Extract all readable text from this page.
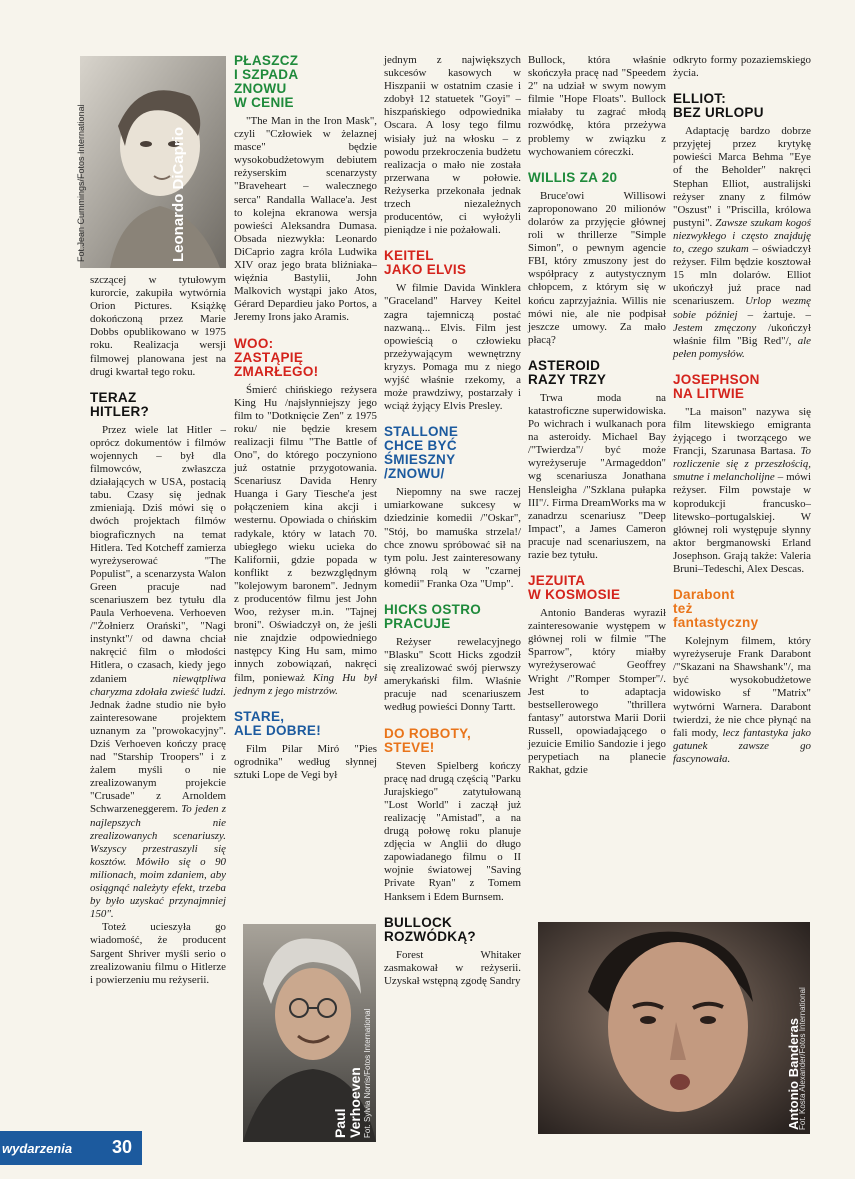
Leonardo DiCaprio
Fot.Jean Cummings/Fotos International

szczącej w tytułowym kurorcie, zakupiła wytwórnia Orion Pictures. Książkę dokończoną przez Marie Dobbs opublikowano w 1975 roku. Realizacja wersji filmowej planowana jest na drugi kwartał tego roku.

TERAZ
HITLER?

Przez wiele lat Hitler – oprócz dokumentów i filmów wojennych – był dla filmowców, zwłaszcza działających w USA, postacią tabu. Czasy się jednak zmieniają. Dziś mówi się o dwóch projektach filmów biograficznych na temat Hitlera. Ted Kotcheff zamierza wyreżyserować "The Populist", a scenarzysta Walon Green pracuje nad scenariuszem bez tytułu dla Paula Verhoevena. Verhoeven /"Żołnierz Orański", "Nagi instynkt"/ od dawna chciał nakręcić film o młodości Hitlera, o czasach, kiedy jego zdaniem niewątpliwa charyzma zdołała zwieść ludzi. Jednak żadne studio nie było zainteresowane projektem uznanym za "prowokacyjny". Dziś Verhoeven kończy pracę nad "Starship Troopers" i z żalem myśli o nie zrealizowanym projekcie "Crusade" z Arnoldem Schwarzeneggerem. To jeden z najlepszych nie zrealizowanych scenariuszy. Wszyscy przestraszyli się kosztów. Mówiło się o 90 milionach, moim zdaniem, aby osiągnąć należyty efekt, trzeba by było uzyskać przynajmniej 150".

Toteż ucieszyła go wiadomość, że producent Sargent Shriver myśli serio o zrealizowaniu filmu o Hitlerze i powierzeniu mu reżyserii.

PŁASZCZ
I SZPADA
ZNOWU
W CENIE

"The Man in the Iron Mask", czyli "Człowiek w żelaznej masce" będzie wysokobudżetowym debiutem reżyserskim scenarzysty "Braveheart – walecznego serca" Randalla Wallace'a. Jest to kolejna ekranowa wersja powieści Aleksandra Dumasa. Obsada niezwykła: Leonardo DiCaprio zagra króla Ludwika XIV oraz jego brata bliźniaka–więźnia Bastylii, John Malkovich wystąpi jako Atos, Gérard Depardieu jako Portos, a Jeremy Irons jako Aramis.

WOO:
ZASTĄPIĘ
ZMARŁEGO!

Śmierć chińskiego reżysera King Hu /najsłynniejszy jego film to "Dotknięcie Zen" z 1975 roku/ nie będzie kresem realizacji filmu "The Battle of Ono", do którego poczyniono już ostatnie przygotowania. Scenariusz Davida Henry Huanga i Gary Tiesche'a jest połączeniem kina akcji i westernu. Opowiada o chińskim radykale, który w latach 70. ubiegłego wieku ucieka do Kalifornii, gdzie popada w konflikt z bezwzględnym "kolejowym baronem". Jednym z producentów filmu jest John Woo, reżyser m.in. "Tajnej broni". Oświadczył on, że jeśli nie znajdzie odpowiedniego następcy King Hu sam, mimo innych zobowiązań, nakręci film, ponieważ King Hu był jednym z jego mistrzów.

STARE,
ALE DOBRE!

Film Pilar Miró "Pies ogrodnika" według słynnej sztuki Lope de Vegi był

Paul Verhoeven Fot. Sylvia Norris/Fotos International

jednym z największych sukcesów kasowych w Hiszpanii w ostatnim czasie i zdobył 12 statuetek "Goyi" – hiszpańskiego odpowiednika Oscara. A losy tego filmu wisiały już na włosku – z powodu przekroczenia budżetu realizacja o mało nie została przerwana w połowie. Reżyserka przekonała jednak trzech niezależnych producentów, ci wyłożyli pieniądze i nie pożałowali.

KEITEL
JAKO ELVIS

W filmie Davida Winklera "Graceland" Harvey Keitel zagra tajemniczą postać nazwaną... Elvis. Film jest opowieścią o człowieku przeżywającym wewnętrzny kryzys. Pomaga mu z niego wyjść właśnie rzekomy, a może prawdziwy, postarzały i wciąż żyjący Elvis Presley.

STALLONE
CHCE BYĆ
ŚMIESZNY
/ZNOWU/

Niepomny na swe raczej umiarkowane sukcesy w dziedzinie komedii /"Oskar", "Stój, bo mamuśka strzela!/ chce znowu spróbować sił na tym polu. Jest zainteresowany główną rolą w "czarnej komedii" Franka Oza "Ump".

HICKS OSTRO
PRACUJE

Reżyser rewelacyjnego "Blasku" Scott Hicks zgodził się zrealizować swój pierwszy amerykański film. Właśnie pracuje nad scenariuszem według powieści Donny Tartt.

DO ROBOTY,
STEVE!

Steven Spielberg kończy pracę nad drugą częścią "Parku Jurajskiego" zatytułowaną "Lost World" i zaczął już realizację "Amistad", a na drugą połowę roku planuje zdjęcia w Anglii do długo zapowiadanego filmu o II wojnie światowej "Saving Private Ryan" z Tomem Hanksem i Edem Burnsem.

BULLOCK
ROZWÓDKĄ?

Forest Whitaker zasmakował w reżyserii. Uzyskał wstępną zgodę Sandry

Bullock, która właśnie skończyła pracę nad "Speedem 2" na udział w swym nowym filmie "Hope Floats". Bullock miałaby tu zagrać młodą rozwódkę, która przeżywa problemy w związku z wychowaniem córeczki.

WILLIS ZA 20

Bruce'owi Willisowi zaproponowano 20 milionów dolarów za przyjęcie głównej roli w thrillerze "Simple Simon", o pewnym agencie FBI, który zmuszony jest do współpracy z autystycznym chłopcem, z którym się w końcu zaprzyjaźnia. Willis nie mówi nie, ale nie podpisał jeszcze umowy. Za mało płacą?

ASTEROID
RAZY TRZY

Trwa moda na katastroficzne superwidowiska. Po wichrach i wulkanach pora na asteroidy. Michael Bay /"Twierdza"/ być może wyreżyseruje "Armageddon" wg scenariusza Jonathana Hensleigha /"Szklana pułapka III"/. Firma DreamWorks ma w zanadrzu scenariusz "Deep Impact", a James Cameron pracuje nad scenariuszem, na razie bez tytułu.

JEZUITA
W KOSMOSIE

Antonio Banderas wyraził zainteresowanie występem w głównej roli w filmie "The Sparrow", który miałby wyreżyserować Geoffrey Wright /"Romper Stomper"/. Jest to adaptacja bestsellerowego "thrillera fantasy" autorstwa Marii Dorii Russell, opowiadającego o jezuicie Emilio Sandozie i jego perypetiach na planecie Rakhat, gdzie

odkryto formy pozaziemskiego życia.

ELLIOT:
BEZ URLOPU

Adaptację bardzo dobrze przyjętej przez krytykę powieści Marca Behma "Eye of the Beholder" nakręci Stephan Elliot, australijski reżyser znany z filmów "Oszust" i "Priscilla, królowa pustyni". Zawsze szukam kogoś niezwykłego i często znajduję to, czego szukam – oświadczył reżyser. Film będzie kosztował 15 mln dolarów. Elliot ukończył już prace nad scenariuszem. Urlop wezmę sobie później – żartuje. – Jestem zmęczony /ukończył właśnie film "Big Red"/, ale pełen pomysłów.

JOSEPHSON
NA LITWIE

"La maison" nazywa się film litewskiego emigranta żyjącego i tworzącego we Francji, Szarunasa Bartasa. To rozliczenie się z przeszłością, smutne i melancholijne – mówi reżyser. Film powstaje w koprodukcji francusko–litewsko–portugalskiej. W głównej roli występuje słynny aktor bergmanowski Erland Josephson. Grają także: Valeria Bruni–Tedeschi, Alex Descas.

Darabont
też
fantastyczny

Kolejnym filmem, który wyreżyseruje Frank Darabont /"Skazani na Shawshank"/, ma być wysokobudżetowe widowisko sf "Matrix" wytwórni Warnera. Darabont twierdzi, że nie chce płynąć na fali mody, lecz fantastyka jako gatunek zawsze go fascynowała.

Antonio Banderas
Fot. Kosta Alexander/Fotos International
wydarzenia 30
